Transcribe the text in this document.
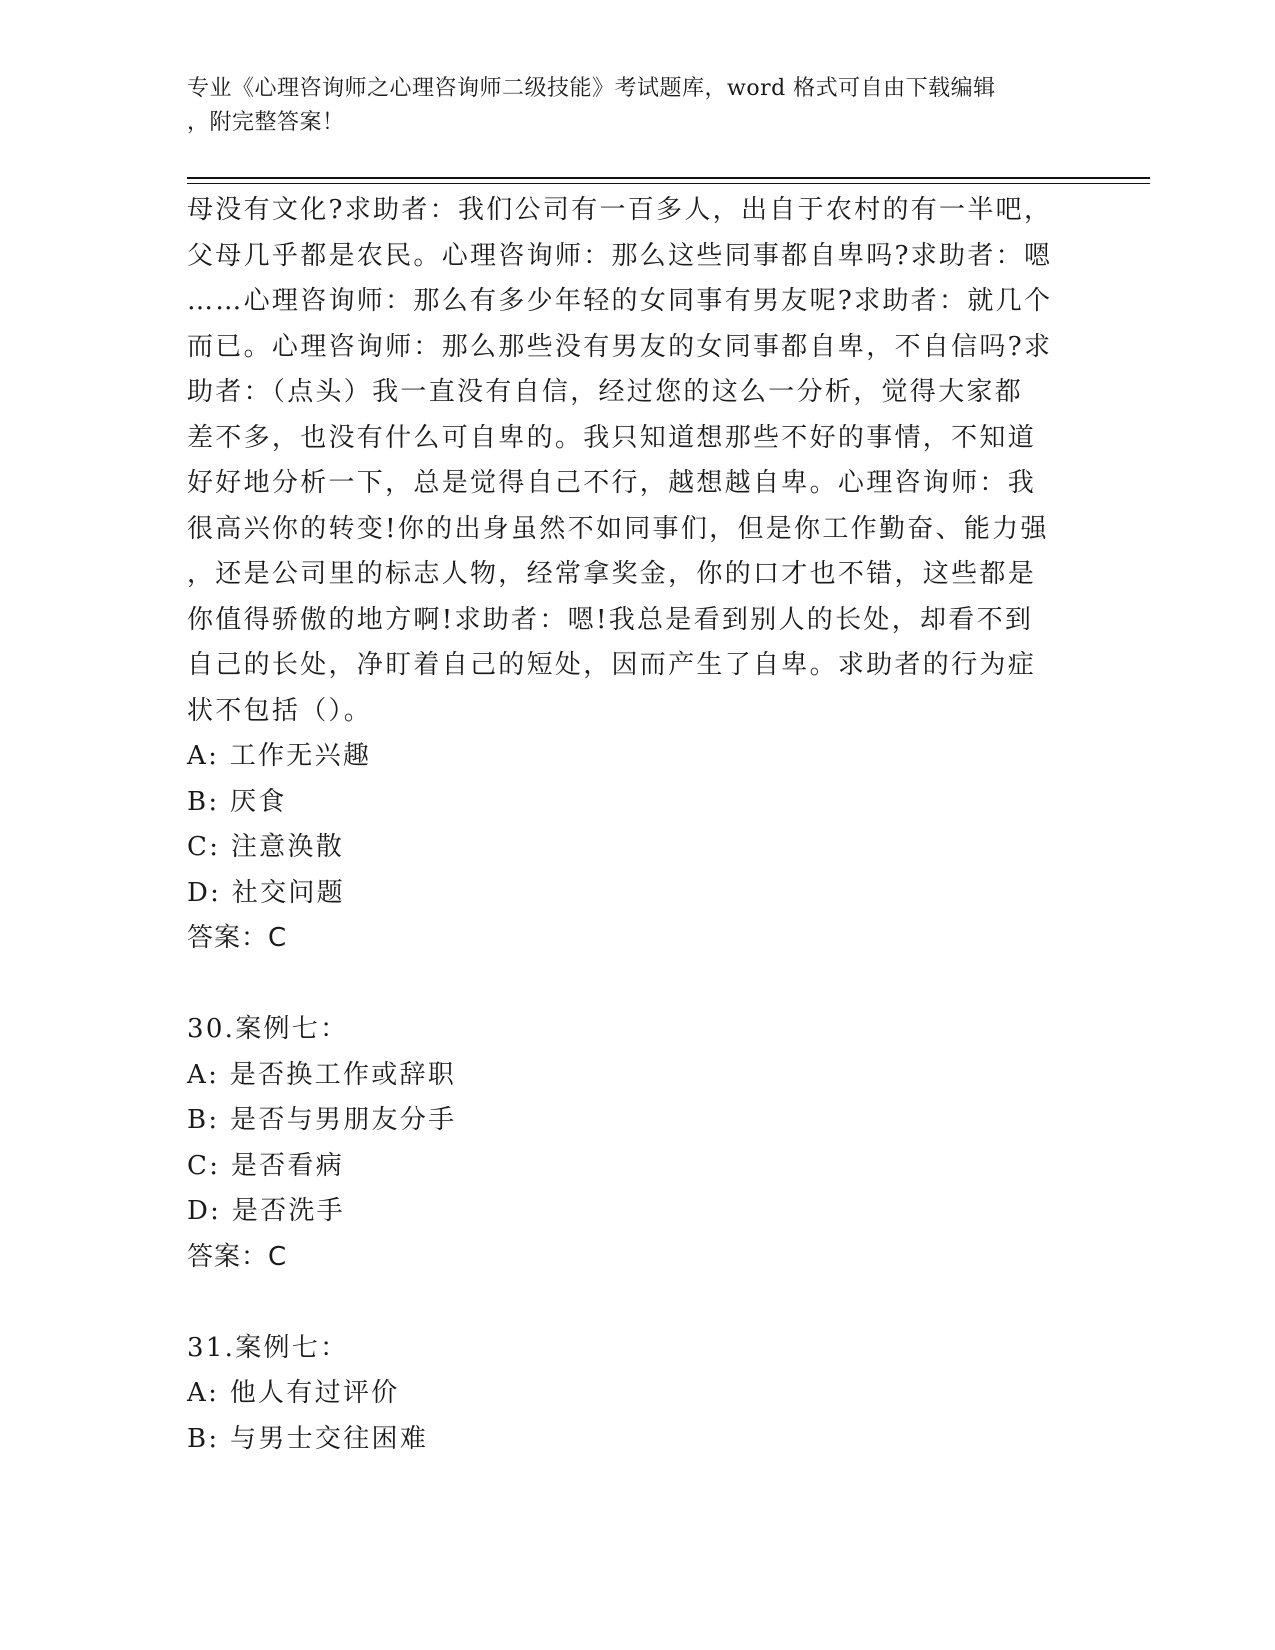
专业《心理咨询师之心理咨询师二级技能》考试题库，word 格式可自由下载编辑
，附完整答案！

母没有文化?求助者：我们公司有一百多人，出自于农村的有一半吧，

父母几乎都是农民。心理咨询师：那么这些同事都自卑吗?求助者：嗯

……心理咨询师：那么有多少年轻的女同事有男友呢?求助者：就几个

而已。心理咨询师：那么那些没有男友的女同事都自卑，不自信吗?求

助者：（点头）我一直没有自信，经过您的这么一分析，觉得大家都

差不多，也没有什么可自卑的。我只知道想那些不好的事情，不知道

好好地分析一下，总是觉得自己不行，越想越自卑。心理咨询师：我

很高兴你的转变!你的出身虽然不如同事们，但是你工作勤奋、能力强

，还是公司里的标志人物，经常拿奖金，你的口才也不错，这些都是

你值得骄傲的地方啊!求助者：嗯!我总是看到别人的长处，却看不到

自己的长处，净盯着自己的短处，因而产生了自卑。求助者的行为症

状不包括（）。

A: 工作无兴趣

B: 厌食

C: 注意涣散

D: 社交问题

答案：C

30.案例七：

A: 是否换工作或辞职

B: 是否与男朋友分手

C: 是否看病

D: 是否洗手

答案：C

31.案例七：

A: 他人有过评价

B: 与男士交往困难
